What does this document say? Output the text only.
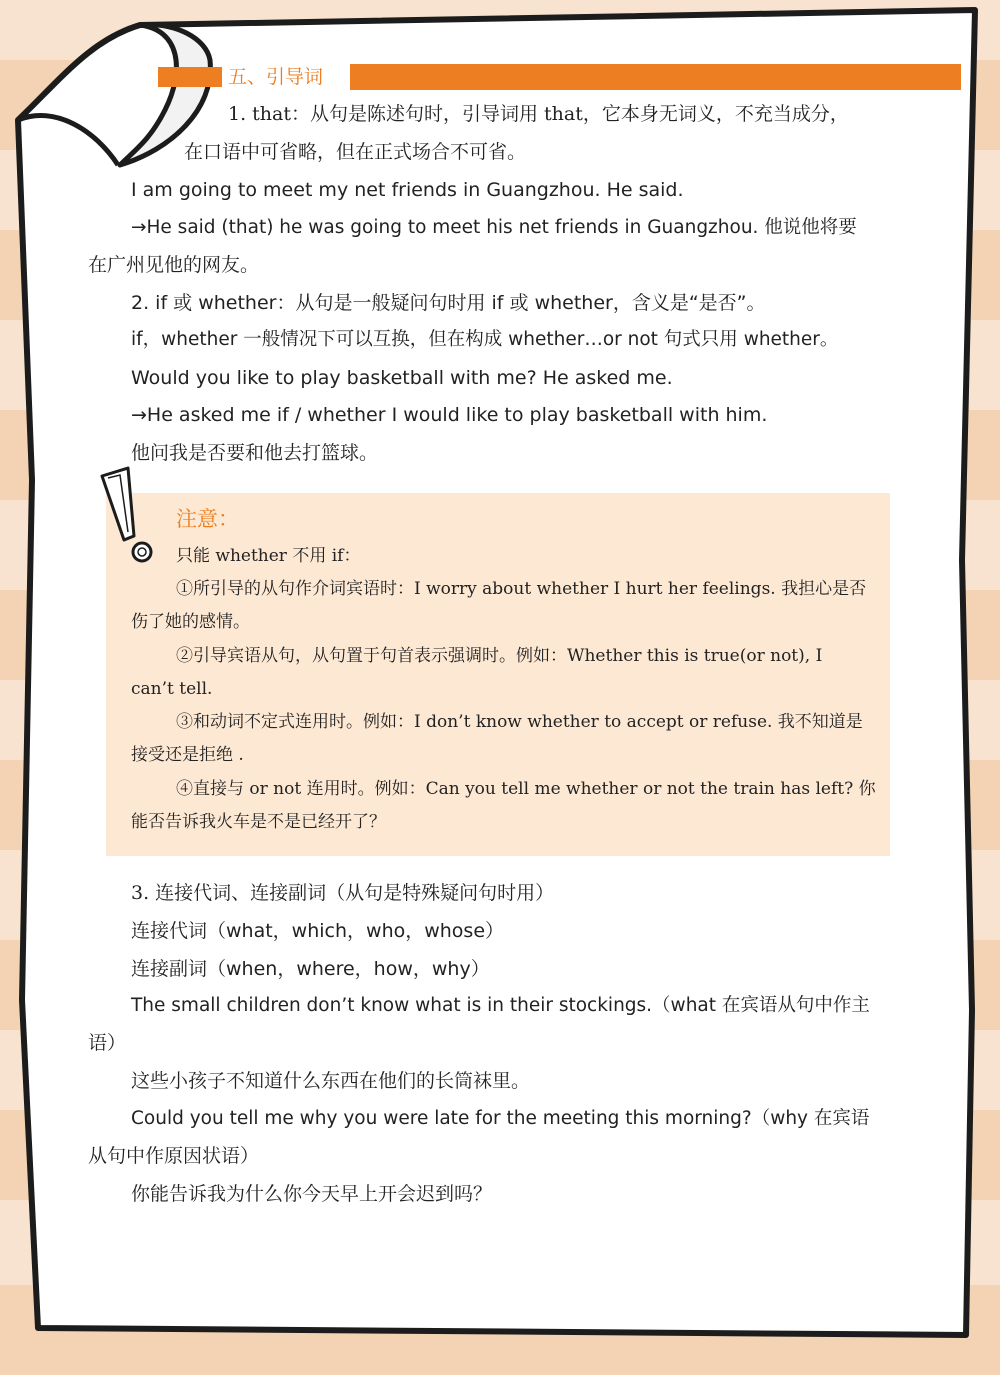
五、引导词
1. that：从句是陈述句时，引导词用 that，它本身无词义，不充当成分，
在口语中可省略，但在正式场合不可省。
I am going to meet my net friends in Guangzhou. He said.
→He said (that) he was going to meet his net friends in Guangzhou. 他说他将要
在广州见他的网友。
2. if 或 whether：从句是一般疑问句时用 if 或 whether，含义是“是否”。
if，whether 一般情况下可以互换，但在构成 whether…or not 句式只用 whether。
Would you like to play basketball with me? He asked me.
→He asked me if / whether I would like to play basketball with him.
他问我是否要和他去打篮球。
注意：
只能 whether 不用 if：
①所引导的从句作介词宾语时：I worry about whether I hurt her feelings. 我担心是否
伤了她的感情。
②引导宾语从句，从句置于句首表示强调时。例如：Whether this is true(or not), I
can’t tell.
③和动词不定式连用时。例如：I don’t know whether to accept or refuse. 我不知道是
接受还是拒绝 .
④直接与 or not 连用时。例如：Can you tell me whether or not the train has left? 你
能否告诉我火车是不是已经开了？
3. 连接代词、连接副词（从句是特殊疑问句时用）
连接代词（what，which，who，whose）
连接副词（when，where，how，why）
The small children don’t know what is in their stockings.（what 在宾语从句中作主
语）
这些小孩子不知道什么东西在他们的长筒袜里。
Could you tell me why you were late for the meeting this morning?（why 在宾语
从句中作原因状语）
你能告诉我为什么你今天早上开会迟到吗？
